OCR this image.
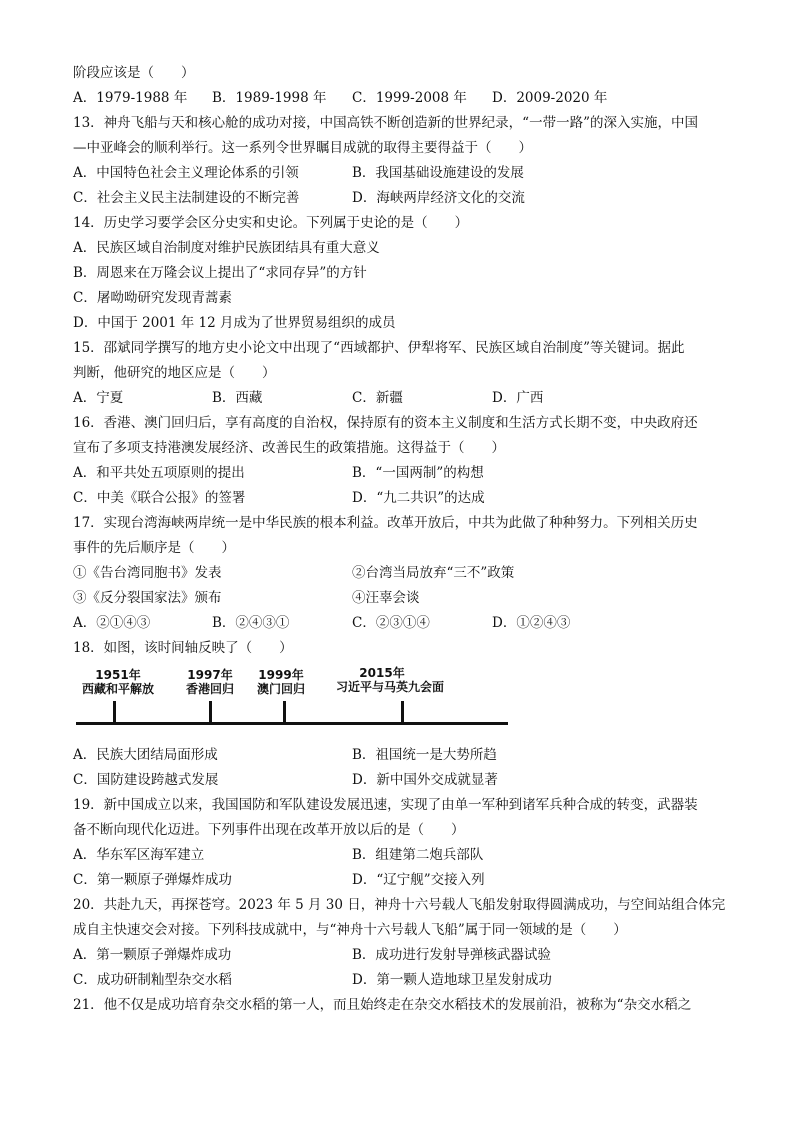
阶段应该是（　　）
A．1979-1988 年 B．1989-1998 年 C．1999-2008 年 D．2009-2020 年
13．神舟飞船与天和核心舱的成功对接，中国高铁不断创造新的世界纪录，“一带一路”的深入实施，中国
—中亚峰会的顺利举行。这一系列令世界瞩目成就的取得主要得益于（　　）
A．中国特色社会主义理论体系的引领	B．我国基础设施建设的发展
C．社会主义民主法制建设的不断完善	D．海峡两岸经济文化的交流
14．历史学习要学会区分史实和史论。下列属于史论的是（　　）
A．民族区域自治制度对维护民族团结具有重大意义
B．周恩来在万隆会议上提出了“求同存异”的方针
C．屠呦呦研究发现青蒿素
D．中国于 2001 年 12 月成为了世界贸易组织的成员
15．邵斌同学撰写的地方史小论文中出现了“西域都护、伊犁将军、民族区域自治制度”等关键词。据此
判断，他研究的地区应是（　　）
A．宁夏	B．西藏	C．新疆	D．广西
16．香港、澳门回归后，享有高度的自治权，保持原有的资本主义制度和生活方式长期不变，中央政府还
宣布了多项支持港澳发展经济、改善民生的政策措施。这得益于（　　）
A．和平共处五项原则的提出	B．“一国两制”的构想
C．中美《联合公报》的签署	D．“九二共识”的达成
17．实现台湾海峡两岸统一是中华民族的根本利益。改革开放后，中共为此做了种种努力。下列相关历史
事件的先后顺序是（　　）
①《告台湾同胞书》发表	②台湾当局放弃“三不”政策
③《反分裂国家法》颁布	④汪辜会谈
A．②①④③	B．②④③①	C．②③①④	D．①②④③
18．如图，该时间轴反映了（　　）
1951年
西藏和平解放
1997年
香港回归
1999年
澳门回归
2015年
习近平与马英九会面
A．民族大团结局面形成	B．祖国统一是大势所趋
C．国防建设跨越式发展	D．新中国外交成就显著
19．新中国成立以来，我国国防和军队建设发展迅速，实现了由单一军种到诸军兵种合成的转变，武器装
备不断向现代化迈进。下列事件出现在改革开放以后的是（　　）
A．华东军区海军建立	B．组建第二炮兵部队
C．第一颗原子弹爆炸成功	D．“辽宁舰”交接入列
20．共赴九天，再探苍穹。2023 年 5 月 30 日，神舟十六号载人飞船发射取得圆满成功，与空间站组合体完
成自主快速交会对接。下列科技成就中，与“神舟十六号载人飞船”属于同一领域的是（　　）
A．第一颗原子弹爆炸成功	B．成功进行发射导弹核武器试验
C．成功研制籼型杂交水稻	D．第一颗人造地球卫星发射成功
21．他不仅是成功培育杂交水稻的第一人，而且始终走在杂交水稻技术的发展前沿，被称为“杂交水稻之
